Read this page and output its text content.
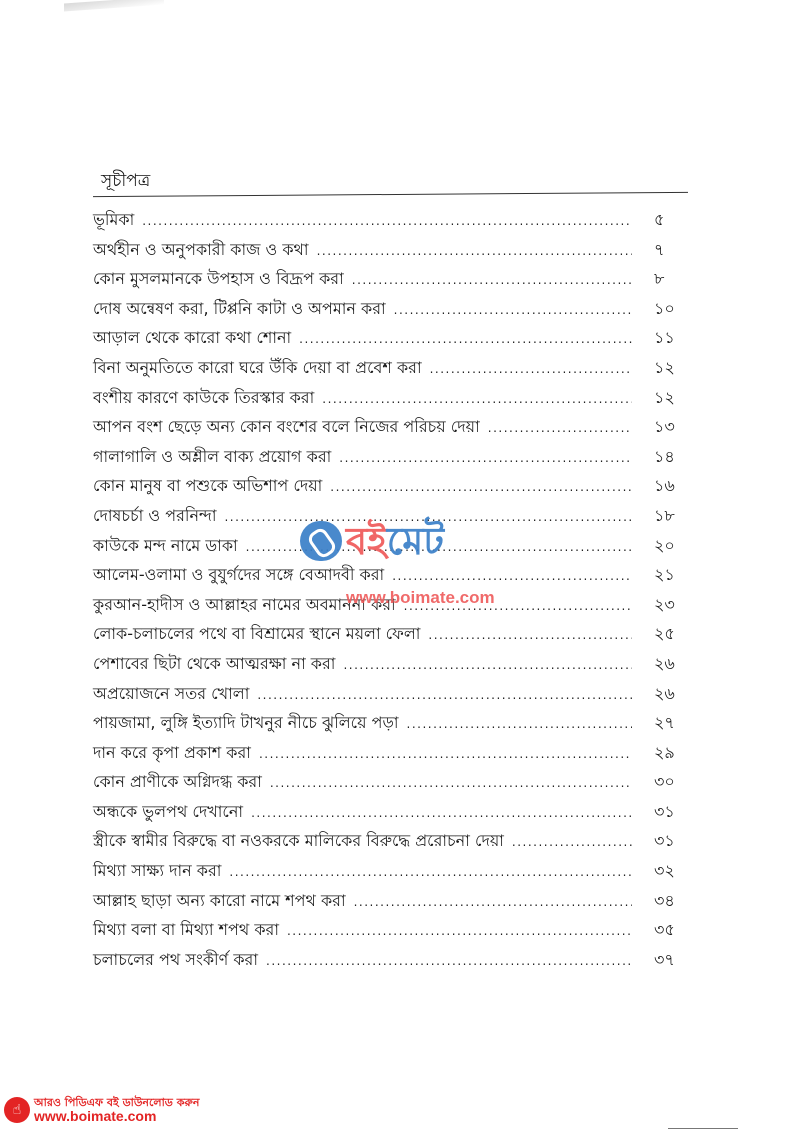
সূচীপত্র
ভূমিকা .....	৫
অর্থহীন ও অনুপকারী কাজ ও কথা .....	৭
কোন মুসলমানকে উপহাস ও বিদ্রূপ করা .....	৮
দোষ অন্বেষণ করা, টিপ্পনি কাটা ও অপমান করা .....	১০
আড়াল থেকে কারো কথা শোনা .....	১১
বিনা অনুমতিতে কারো ঘরে উঁকি দেয়া বা প্রবেশ করা .....	১২
বংশীয় কারণে কাউকে তিরস্কার করা .....	১২
আপন বংশ ছেড়ে অন্য কোন বংশের বলে নিজের পরিচয় দেয়া .....	১৩
গালাগালি ও অশ্লীল বাক্য প্রয়োগ করা .....	১৪
কোন মানুষ বা পশুকে অভিশাপ দেয়া .....	১৬
দোষচর্চা ও পরনিন্দা .....	১৮
কাউকে মন্দ নামে ডাকা .....	২০
আলেম-ওলামা ও বুযুর্গদের সঙ্গে বেআদবী করা .....	২১
কুরআন-হাদীস ও আল্লাহর নামের অবমাননা করা .....	২৩
লোক-চলাচলের পথে বা বিশ্রামের স্থানে ময়লা ফেলা .....	২৫
পেশাবের ছিটা থেকে আত্মরক্ষা না করা .....	২৬
অপ্রয়োজনে সতর খোলা .....	২৬
পায়জামা, লুঙ্গি ইত্যাদি টাখনুর নীচে ঝুলিয়ে পড়া .....	২৭
দান করে কৃপা প্রকাশ করা .....	২৯
কোন প্রাণীকে অগ্নিদগ্ধ করা .....	৩০
অন্ধকে ভুলপথ দেখানো .....	৩১
স্ত্রীকে স্বামীর বিরুদ্ধে বা নওকরকে মালিকের বিরুদ্ধে প্ররোচনা দেয়া .....	৩১
মিথ্যা সাক্ষ্য দান করা .....	৩২
আল্লাহ ছাড়া অন্য কারো নামে শপথ করা .....	৩৪
মিথ্যা বলা বা মিথ্যা শপথ করা .....	৩৫
চলাচলের পথ সংকীর্ণ করা .....	৩৭
বইমেট
www.boimate.com
☝	আরও পিডিএফ বই ডাউনলোড করুন
www.boimate.com
